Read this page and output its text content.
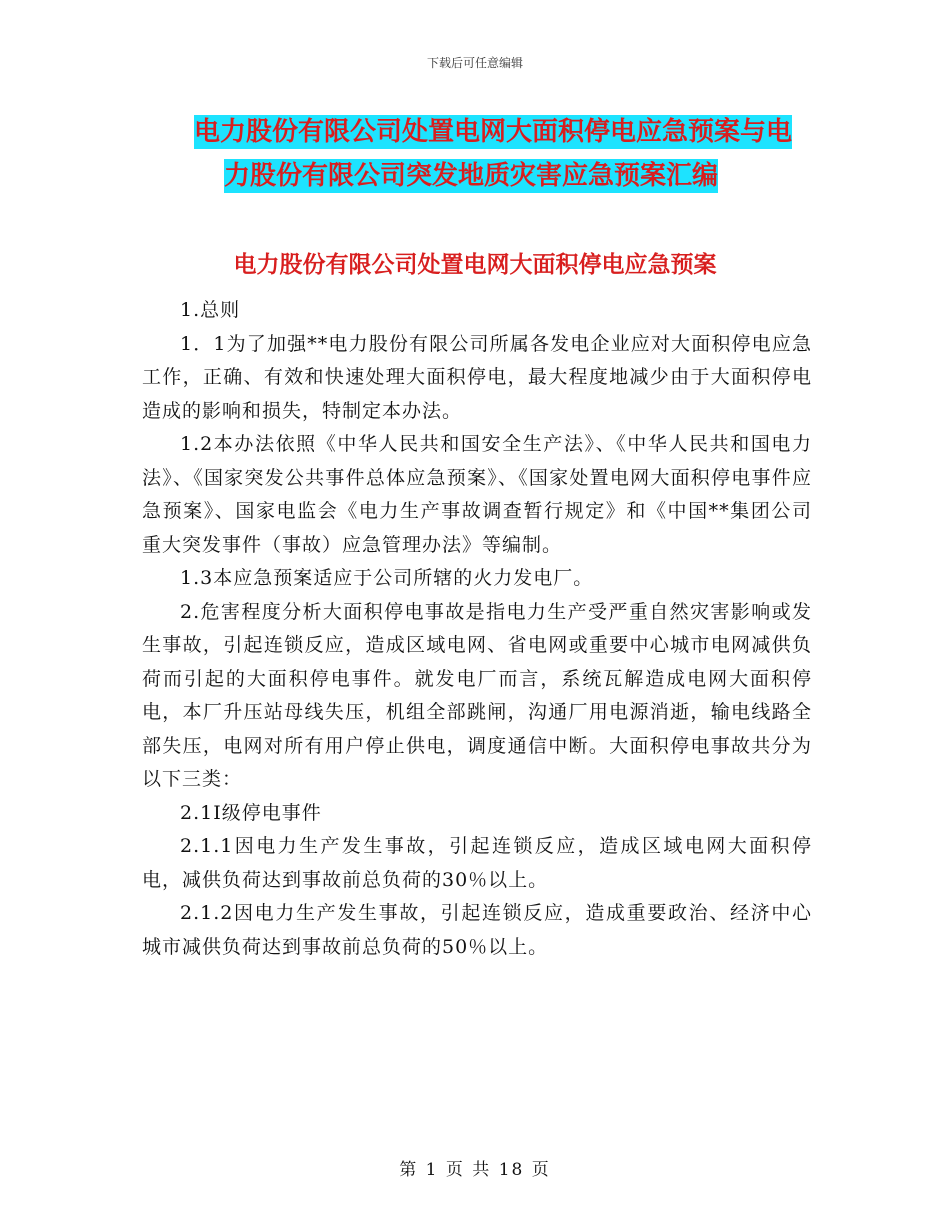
下载后可任意编辑
电力股份有限公司处置电网大面积停电应急预案与电
力股份有限公司突发地质灾害应急预案汇编
电力股份有限公司处置电网大面积停电应急预案

1.总则

1．1为了加强**电力股份有限公司所属各发电企业应对大面积停电应急工作，正确、有效和快速处理大面积停电，最大程度地减少由于大面积停电造成的影响和损失，特制定本办法。

1.2本办法依照《中华人民共和国安全生产法》、《中华人民共和国电力法》、《国家突发公共事件总体应急预案》、《国家处置电网大面积停电事件应急预案》、国家电监会《电力生产事故调查暂行规定》和《中国**集团公司重大突发事件（事故）应急管理办法》等编制。

1.3本应急预案适应于公司所辖的火力发电厂。

2.危害程度分析大面积停电事故是指电力生产受严重自然灾害影响或发生事故，引起连锁反应，造成区域电网、省电网或重要中心城市电网减供负荷而引起的大面积停电事件。就发电厂而言，系统瓦解造成电网大面积停电，本厂升压站母线失压，机组全部跳闸，沟通厂用电源消逝，输电线路全部失压，电网对所有用户停止供电，调度通信中断。大面积停电事故共分为以下三类：

2.1Ⅰ级停电事件

2.1.1因电力生产发生事故，引起连锁反应，造成区域电网大面积停电，减供负荷达到事故前总负荷的30％以上。

2.1.2因电力生产发生事故，引起连锁反应，造成重要政治、经济中心城市减供负荷达到事故前总负荷的50％以上。

第 1 页 共 18 页
